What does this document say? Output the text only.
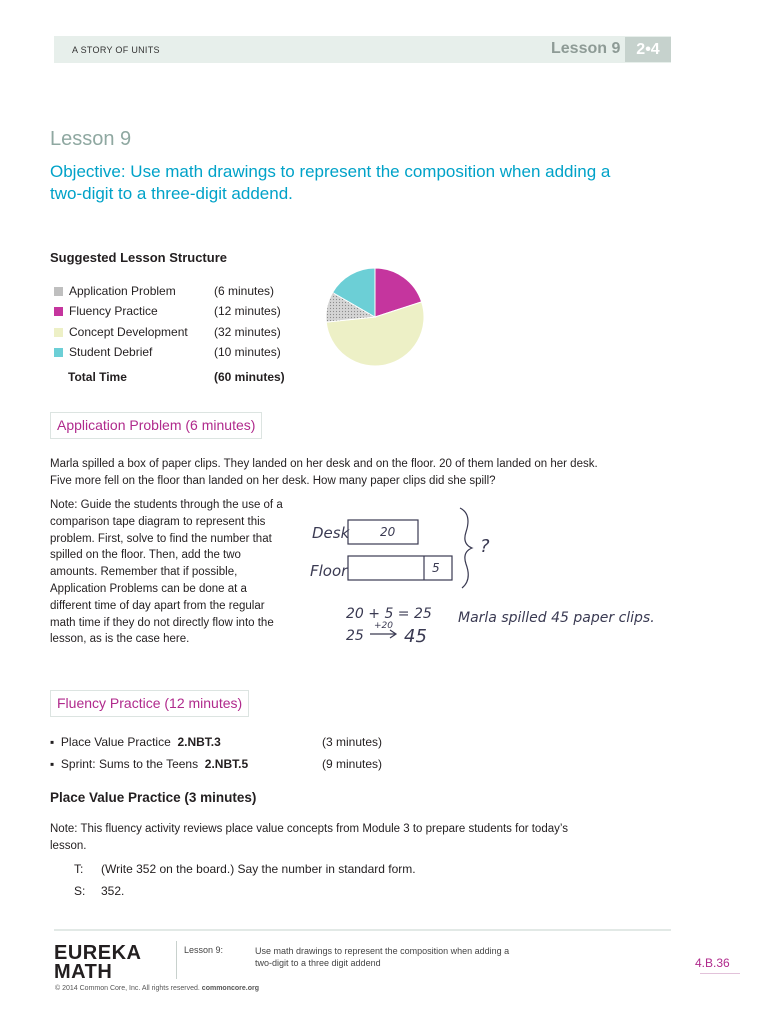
A STORY OF UNITS	Lesson 9 2•4
Lesson 9
Objective: Use math drawings to represent the composition when adding a
two-digit to a three-digit addend.
Suggested Lesson Structure
Application Problem	(6 minutes)
Fluency Practice	(12 minutes)
Concept Development (32 minutes)
Student Debrief	(10 minutes)
Total Time	(60 minutes)
Application Problem (6 minutes)
Marla spilled a box of paper clips. They landed on her desk and on the floor. 20 of them landed on her desk.
Five more fell on the floor than landed on her desk. How many paper clips did she spill?
Note: Guide the students through the use of a comparison tape diagram to represent this problem. First, solve to find the number that spilled on the floor. Then, add the two amounts. Remember that if possible, Application Problems can be done at a different time of day apart from the regular math time if they do not directly flow into the lesson, as is the case here.
Desk	20
Floor	5
?
20 + 5 = 25
25
+20 45
Marla spilled 45 paper clips.
Fluency Practice (12 minutes)
▪  Place Value Practice 2.NBT.3	(3 minutes)
▪  Sprint: Sums to the Teens 2.NBT.5	(9 minutes)
Place Value Practice (3 minutes)
Note: This fluency activity reviews place value concepts from Module 3 to prepare students for today’s
lesson.
T: (Write 352 on the board.) Say the number in standard form.
S: 352.
EUREKA
MATH
Lesson 9:	Use math drawings to represent the composition when adding a
two-digit to a three digit addend	4.B.36
© 2014 Common Core, Inc. All rights reserved. commoncore.org
